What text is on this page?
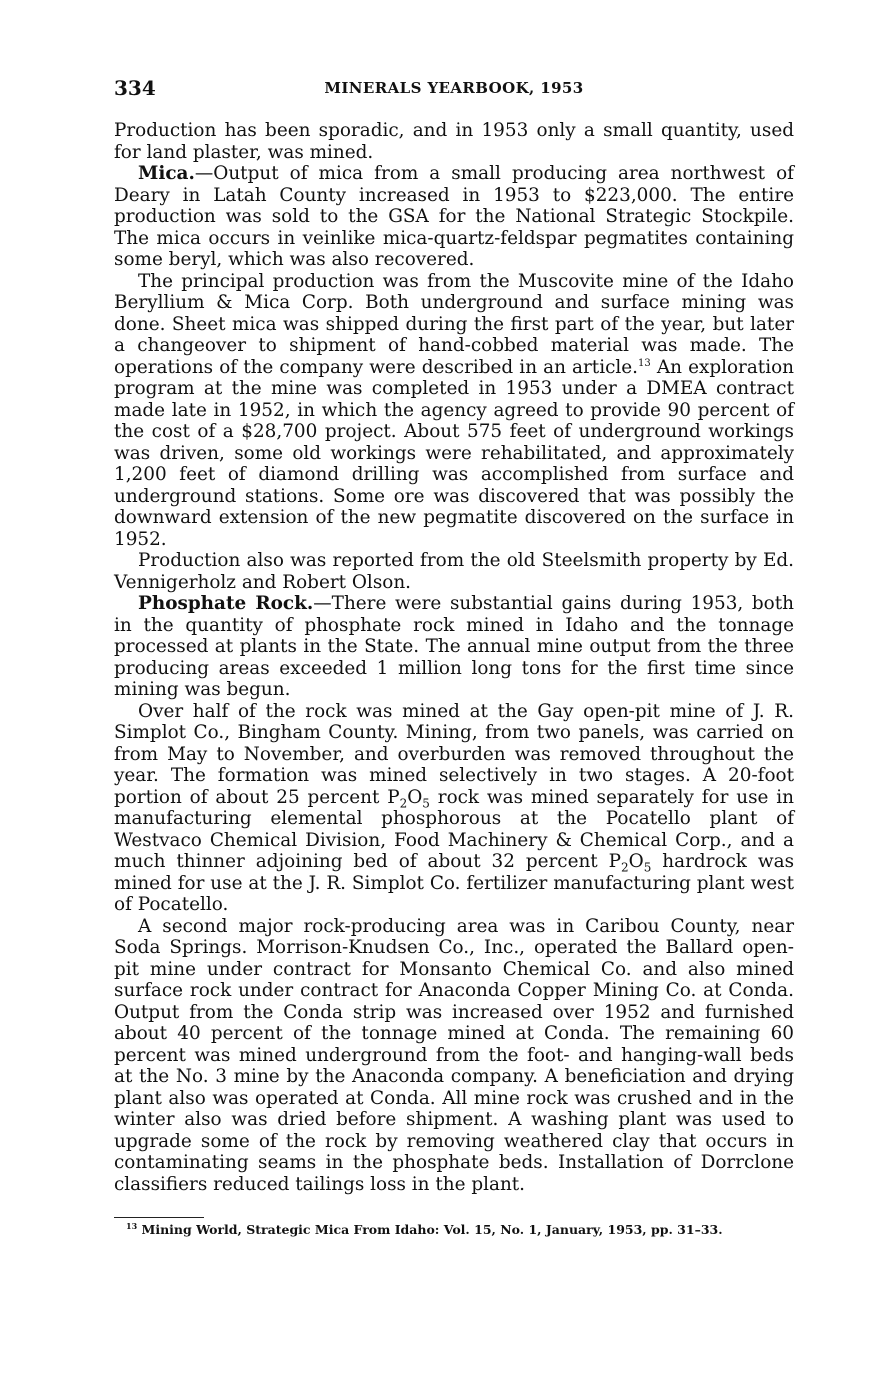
334	MINERALS YEARBOOK, 1953

Production has been sporadic, and in 1953 only a small quantity, used for land plaster, was mined.

Mica.—Output of mica from a small producing area northwest of Deary in Latah County increased in 1953 to $223,000. The entire production was sold to the GSA for the National Strategic Stockpile. The mica occurs in veinlike mica-quartz-feldspar pegmatites containing some beryl, which was also recovered.

The principal production was from the Muscovite mine of the Idaho Beryllium & Mica Corp. Both underground and surface mining was done. Sheet mica was shipped during the first part of the year, but later a changeover to shipment of hand-cobbed material was made. The operations of the company were described in an article.$^{13}$ An exploration program at the mine was completed in 1953 under a DMEA contract made late in 1952, in which the agency agreed to provide 90 percent of the cost of a $28,700 project. About 575 feet of underground workings was driven, some old workings were rehabilitated, and approximately 1,200 feet of diamond drilling was accomplished from surface and underground stations. Some ore was discovered that was possibly the downward extension of the new pegmatite discovered on the surface in 1952.

Production also was reported from the old Steelsmith property by Ed. Vennigerholz and Robert Olson.

Phosphate Rock.—There were substantial gains during 1953, both in the quantity of phosphate rock mined in Idaho and the tonnage processed at plants in the State. The annual mine output from the three producing areas exceeded 1 million long tons for the first time since mining was begun.

Over half of the rock was mined at the Gay open-pit mine of J. R. Simplot Co., Bingham County. Mining, from two panels, was carried on from May to November, and overburden was removed throughout the year. The formation was mined selectively in two stages. A 20-foot portion of about 25 percent $P_2O_5$ rock was mined separately for use in manufacturing elemental phosphorous at the Pocatello plant of Westvaco Chemical Division, Food Machinery & Chemical Corp., and a much thinner adjoining bed of about 32 percent $P_2O_5$ hardrock was mined for use at the J. R. Simplot Co. fertilizer manufacturing plant west of Pocatello.

A second major rock-producing area was in Caribou County, near Soda Springs. Morrison-Knudsen Co., Inc., operated the Ballard open-pit mine under contract for Monsanto Chemical Co. and also mined surface rock under contract for Anaconda Copper Mining Co. at Conda. Output from the Conda strip was increased over 1952 and furnished about 40 percent of the tonnage mined at Conda. The remaining 60 percent was mined underground from the foot- and hanging-wall beds at the No. 3 mine by the Anaconda company. A beneficiation and drying plant also was operated at Conda. All mine rock was crushed and in the winter also was dried before shipment. A washing plant was used to upgrade some of the rock by removing weathered clay that occurs in contaminating seams in the phosphate beds. Installation of Dorrclone classifiers reduced tailings loss in the plant.

$^{13}$ Mining World, Strategic Mica From Idaho: Vol. 15, No. 1, January, 1953, pp. 31–33.
